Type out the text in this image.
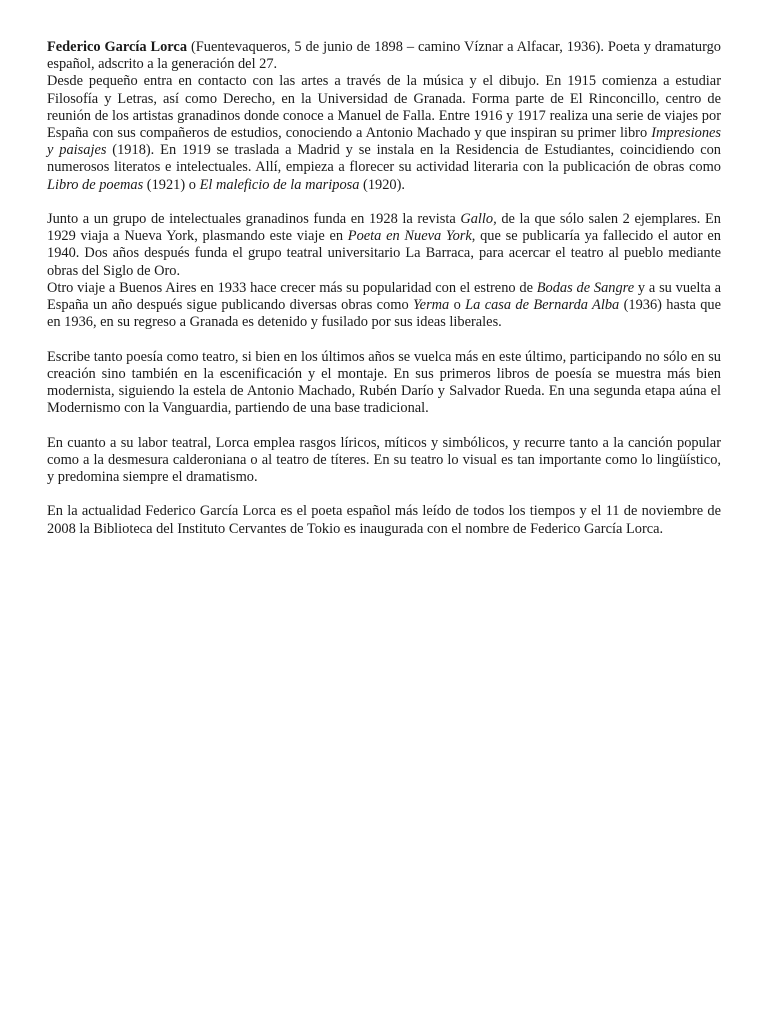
Federico García Lorca (Fuentevaqueros, 5 de junio de 1898 – camino Víznar a Alfacar, 1936). Poeta y dramaturgo español, adscrito a la generación del 27.

Desde pequeño entra en contacto con las artes a través de la música y el dibujo. En 1915 comienza a estudiar Filosofía y Letras, así como Derecho, en la Universidad de Granada. Forma parte de El Rinconcillo, centro de reunión de los artistas granadinos donde conoce a Manuel de Falla. Entre 1916 y 1917 realiza una serie de viajes por España con sus compañeros de estudios, conociendo a Antonio Machado y que inspiran su primer libro Impresiones y paisajes (1918). En 1919 se traslada a Madrid y se instala en la Residencia de Estudiantes, coincidiendo con numerosos literatos e intelectuales. Allí, empieza a florecer su actividad literaria con la publicación de obras como Libro de poemas (1921) o El maleficio de la mariposa (1920).

Junto a un grupo de intelectuales granadinos funda en 1928 la revista Gallo, de la que sólo salen 2 ejemplares. En 1929 viaja a Nueva York, plasmando este viaje en Poeta en Nueva York, que se publicaría ya fallecido el autor en 1940. Dos años después funda el grupo teatral universitario La Barraca, para acercar el teatro al pueblo mediante obras del Siglo de Oro.

Otro viaje a Buenos Aires en 1933 hace crecer más su popularidad con el estreno de Bodas de Sangre y a su vuelta a España un año después sigue publicando diversas obras como Yerma o La casa de Bernarda Alba (1936) hasta que en 1936, en su regreso a Granada es detenido y fusilado por sus ideas liberales.

Escribe tanto poesía como teatro, si bien en los últimos años se vuelca más en este último, participando no sólo en su creación sino también en la escenificación y el montaje. En sus primeros libros de poesía se muestra más bien modernista, siguiendo la estela de Antonio Machado, Rubén Darío y Salvador Rueda. En una segunda etapa aúna el Modernismo con la Vanguardia, partiendo de una base tradicional.

En cuanto a su labor teatral, Lorca emplea rasgos líricos, míticos y simbólicos, y recurre tanto a la canción popular como a la desmesura calderoniana o al teatro de títeres. En su teatro lo visual es tan importante como lo lingüístico, y predomina siempre el dramatismo.

En la actualidad Federico García Lorca es el poeta español más leído de todos los tiempos y el 11 de noviembre de 2008 la Biblioteca del Instituto Cervantes de Tokio es inaugurada con el nombre de Federico García Lorca.
